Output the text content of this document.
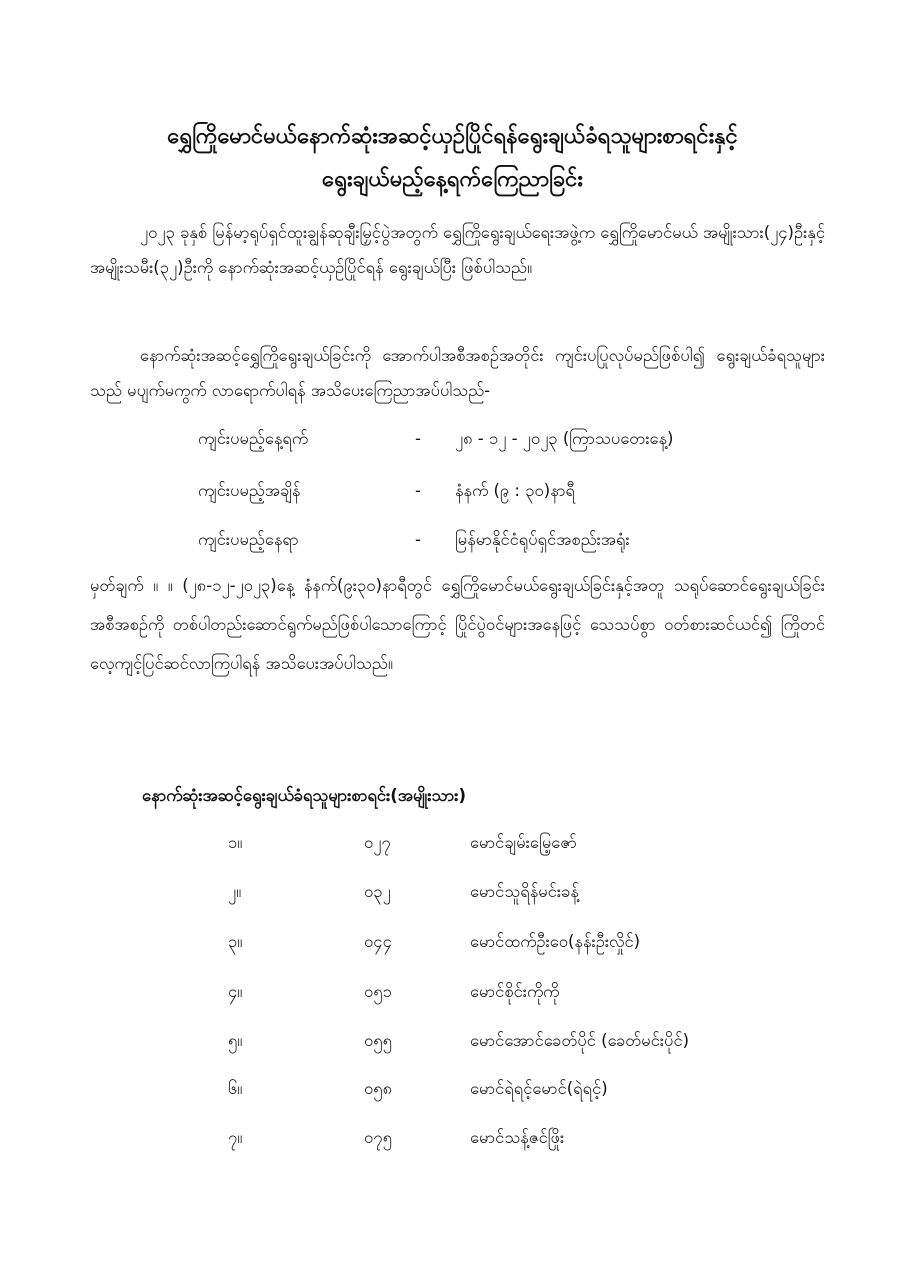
ရွှေကြိုမောင်မယ်နောက်ဆုံးအဆင့်ယှဉ်ပြိုင်ရန်ရွေးချယ်ခံရသူများစာရင်းနှင့်
ရွေးချယ်မည့်နေ့ရက်ကြေညာခြင်း
၂၀၂၃ ခုနှစ် မြန်မာ့ရုပ်ရှင်ထူးချွန်ဆုချီးမြှင့်ပွဲအတွက် ရွှေကြိုရွေးချယ်ရေးအဖွဲ့က ရွှေကြိုမောင်မယ် အမျိုးသား(၂၄)ဦးနှင့် အမျိုးသမီး(၃၂)ဦးကို နောက်ဆုံးအဆင့်ယှဉ်ပြိုင်ရန် ရွေးချယ်ပြီး ဖြစ်ပါသည်။
နောက်ဆုံးအဆင့်ရွှေကြိုရွေးချယ်ခြင်းကို အောက်ပါအစီအစဉ်အတိုင်း ကျင်းပပြုလုပ်မည်ဖြစ်ပါ၍ ရွေးချယ်ခံရသူများသည် မပျက်မကွက် လာရောက်ပါရန် အသိပေးကြေညာအပ်ပါသည်-
ကျင်းပမည့်နေ့ရက်	- ၂၈ - ၁၂ - ၂၀၂၃ (ကြာသပတေးနေ့)
ကျင်းပမည့်အချိန်	- နံနက် (၉ : ၃၀)နာရီ
ကျင်းပမည့်နေရာ	- မြန်မာနိုင်ငံရုပ်ရှင်အစည်းအရုံး
မှတ်ချက် ။ ။ (၂၈-၁၂-၂၀၂၃)နေ့ နံနက်(၉း၃၀)နာရီတွင် ရွှေကြိုမောင်မယ်ရွေးချယ်ခြင်းနှင့်အတူ သရုပ်ဆောင်ရွေးချယ်ခြင်းအစီအစဉ်ကို တစ်ပါတည်းဆောင်ရွက်မည်ဖြစ်ပါသောကြောင့် ပြိုင်ပွဲဝင်များအနေဖြင့် သေသပ်စွာ ဝတ်စားဆင်ယင်၍ ကြိုတင်လေ့ကျင့်ပြင်ဆင်လာကြပါရန် အသိပေးအပ်ပါသည်။
နောက်ဆုံးအဆင့်ရွေးချယ်ခံရသူများစာရင်း(အမျိုးသား)
၁။	၀၂၇	မောင်ချမ်းမြေ့ဇော်
၂။	၀၃၂	မောင်သူရိန်မင်းခန့်
၃။	၀၄၄	မောင်ထက်ဦးဝေ(နန်းဦးလှိုင်)
၄။	၀၅၁	မောင်စိုင်းကိုကို
၅။	၀၅၅	မောင်အောင်ခေတ်ပိုင် (ခေတ်မင်းပိုင်)
၆။	၀၅၈	မောင်ရဲရင့်မောင်(ရဲရင့်)
၇။	၀၇၅	မောင်သန့်ဇင်ဖြိုး
